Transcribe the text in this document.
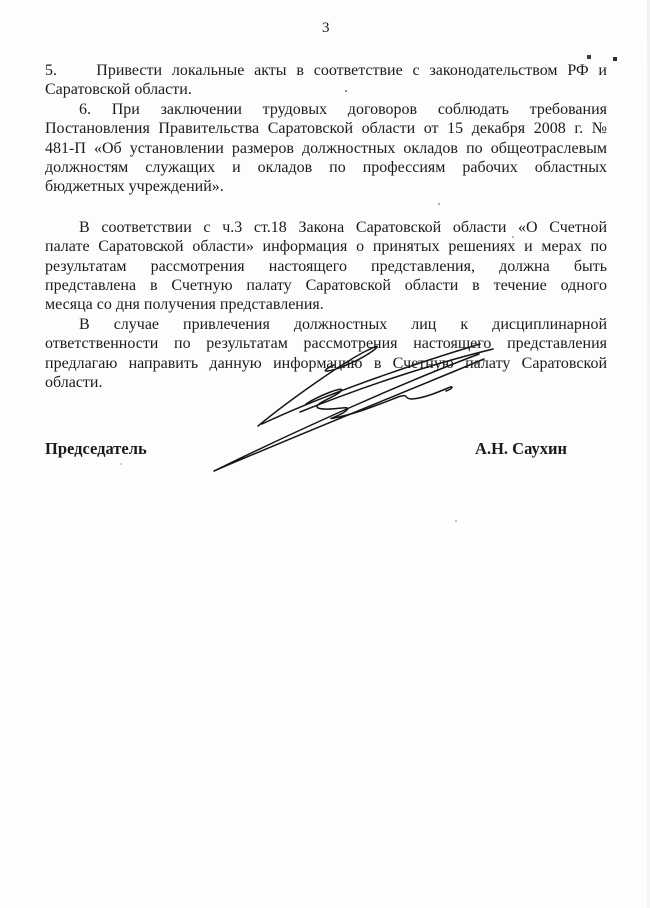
3
5.    Привести локальные акты в соответствие с законодательством РФ и
Саратовской области.
6. При заключении трудовых договоров соблюдать требования
Постановления Правительства Саратовской области от 15 декабря 2008 г. №
481-П «Об установлении размеров должностных окладов по общеотраслевым
должностям служащих и окладов по профессиям рабочих областных
бюджетных учреждений».
В соответствии с ч.3 ст.18 Закона Саратовской области «О Счетной
палате Саратовской области» информация о принятых решениях и мерах по
результатам рассмотрения настоящего представления, должна быть
представлена в Счетную палату Саратовской области в течение одного
месяца со дня получения представления.
В случае привлечения должностных лиц к дисциплинарной
ответственности по результатам рассмотрения настоящего представления
предлагаю направить данную информацию в Счетную палату Саратовской
области.
Председатель	А.Н. Саухин
